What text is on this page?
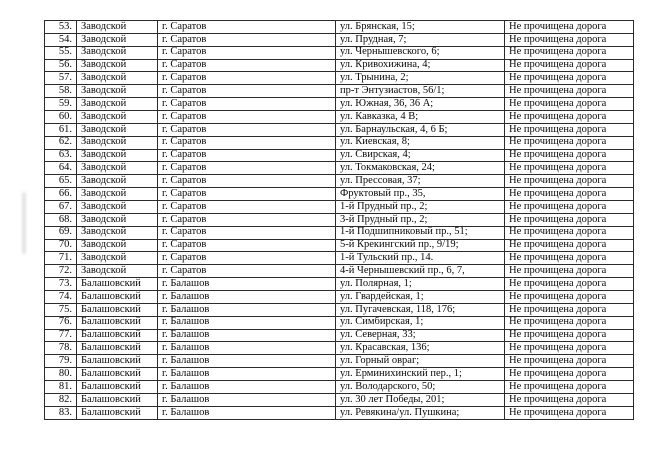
53.	Заводской	г. Саратов	ул. Брянская, 15;	Не прочищена дорога
54.	Заводской	г. Саратов	ул. Прудная, 7;	Не прочищена дорога
55.	Заводской	г. Саратов	ул. Чернышевского, 6;	Не прочищена дорога
56.	Заводской	г. Саратов	ул. Кривохижина, 4;	Не прочищена дорога
57.	Заводской	г. Саратов	ул. Трынина, 2;	Не прочищена дорога
58.	Заводской	г. Саратов	пр-т Энтузиастов, 56/1;	Не прочищена дорога
59.	Заводской	г. Саратов	ул. Южная, 36, 36 А;	Не прочищена дорога
60.	Заводской	г. Саратов	ул. Кавказка, 4 В;	Не прочищена дорога
61.	Заводской	г. Саратов	ул. Барнаульская, 4, 6 Б;	Не прочищена дорога
62.	Заводской	г. Саратов	ул. Киевская, 8;	Не прочищена дорога
63.	Заводской	г. Саратов	ул. Свирская, 4;	Не прочищена дорога
64.	Заводской	г. Саратов	ул. Токмаковская, 24;	Не прочищена дорога
65.	Заводской	г. Саратов	ул. Прессовая, 37;	Не прочищена дорога
66.	Заводской	г. Саратов	Фруктовый пр., 35,	Не прочищена дорога
67.	Заводской	г. Саратов	1-й Прудный пр., 2;	Не прочищена дорога
68.	Заводской	г. Саратов	3-й Прудный пр., 2;	Не прочищена дорога
69.	Заводской	г. Саратов	1-й Подшипниковый пр., 51;	Не прочищена дорога
70.	Заводской	г. Саратов	5-й Крекингский пр., 9/19;	Не прочищена дорога
71.	Заводской	г. Саратов	1-й Тульский пр., 14.	Не прочищена дорога
72.	Заводской	г. Саратов	4-й Чернышевский пр., 6, 7,	Не прочищена дорога
73.	Балашовский	г. Балашов	ул. Полярная, 1;	Не прочищена дорога
74.	Балашовский	г. Балашов	ул. Гвардейская, 1;	Не прочищена дорога
75.	Балашовский	г. Балашов	ул. Пугачевская, 118, 176;	Не прочищена дорога
76.	Балашовский	г. Балашов	ул. Симбирская, 1;	Не прочищена дорога
77.	Балашовский	г. Балашов	ул. Северная, 33;	Не прочищена дорога
78.	Балашовский	г. Балашов	ул. Красавская, 136;	Не прочищена дорога
79.	Балашовский	г. Балашов	ул. Горный овраг;	Не прочищена дорога
80.	Балашовский	г. Балашов	ул. Ерминихинский пер., 1;	Не прочищена дорога
81.	Балашовский	г. Балашов	ул. Володарского, 50;	Не прочищена дорога
82.	Балашовский	г. Балашов	ул. 30 лет Победы, 201;	Не прочищена дорога
83.	Балашовский	г. Балашов	ул. Ревякина/ул. Пушкина;	Не прочищена дорога
